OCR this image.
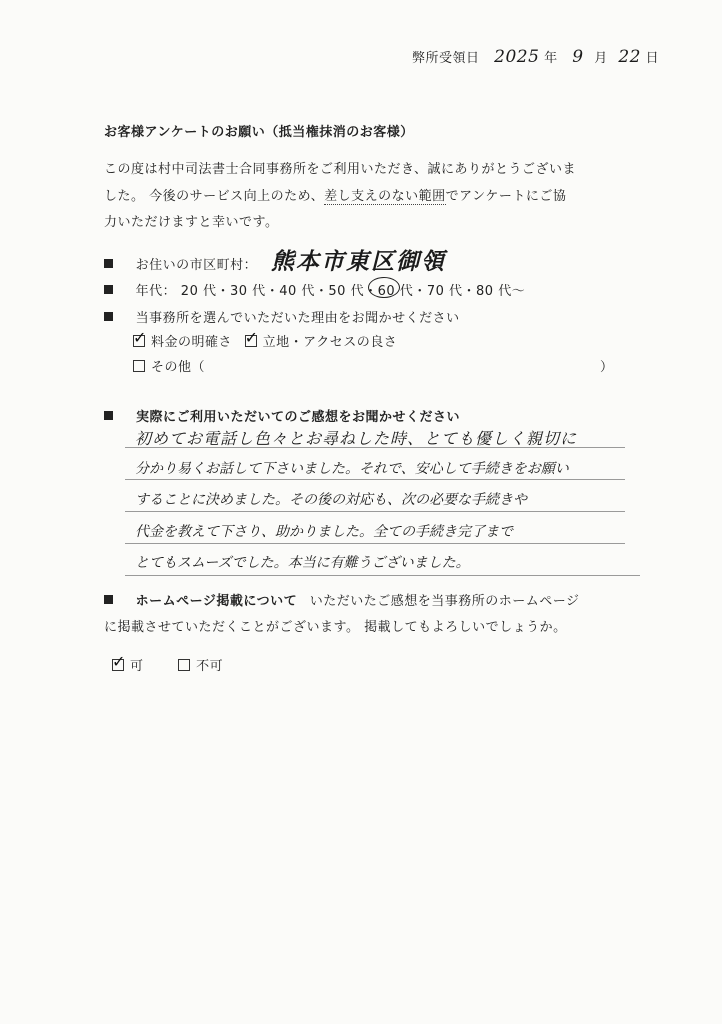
弊所受領日 2025 年 9 月 22 日
お客様アンケートのお願い（抵当権抹消のお客様）
この度は村中司法書士合同事務所をご利用いただき、誠にありがとうございま
した。 今後のサービス向上のため、差し支えのない範囲でアンケートにご協
力いただけますと幸いです。
お住いの市区町村： 熊本市東区御領
年代： 20 代・30 代・40 代・50 代・60 代・70 代・80 代～
当事務所を選んでいただいた理由をお聞かせください
✓ 料金の明確さ ✓ 立地・アクセスの良さ
その他（	）
実際にご利用いただいてのご感想をお聞かせください
初めてお電話し色々とお尋ねした時、とても優しく親切に
分かり易くお話して下さいました。それで、安心して手続きをお願い
することに決めました。その後の対応も、次の必要な手続きや
代金を教えて下さり、助かりました。全ての手続き完了まで
とてもスムーズでした。本当に有難うございました。
ホームページ掲載について いただいたご感想を当事務所のホームページ
に掲載させていただくことがございます。 掲載してもよろしいでしょうか。
✓ 可	不可
